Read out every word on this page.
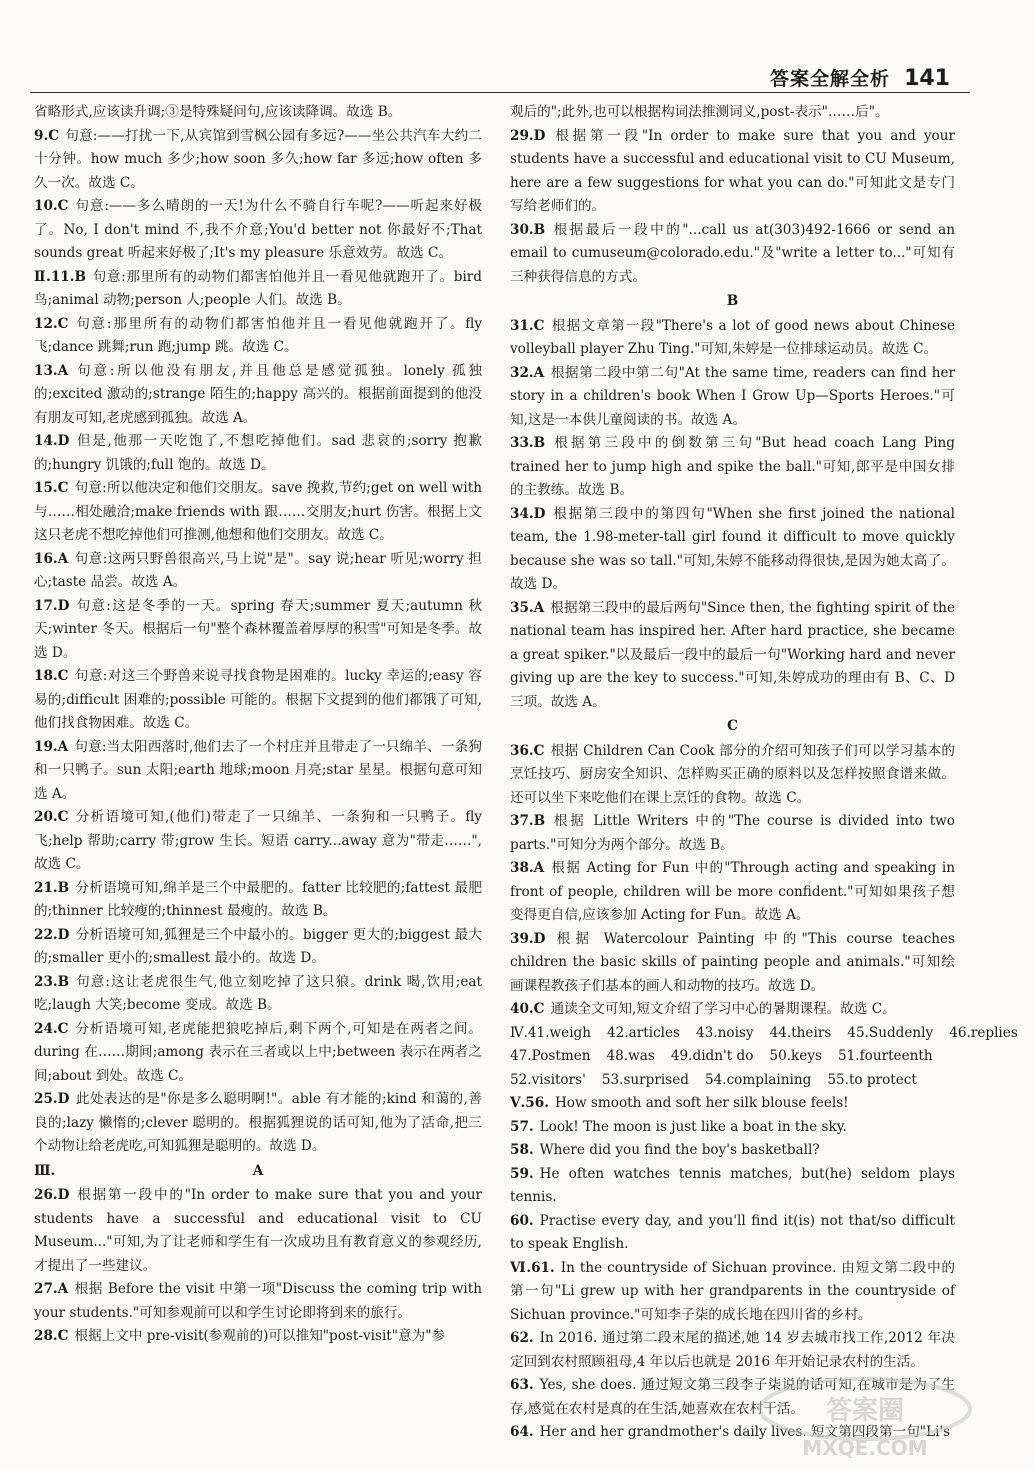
答案全解全析 141
省略形式,应该读升调;③是特殊疑问句,应该读降调。故选 B。
9.C 句意:——打扰一下,从宾馆到雪枫公园有多远?——坐公共汽车大约二十分钟。how much 多少;how soon 多久;how far 多远;how often 多久一次。故选 C。
10.C 句意:——多么晴朗的一天!为什么不骑自行车呢?——听起来好极了。No, I don't mind 不,我不介意;You'd better not 你最好不;That sounds great 听起来好极了;It's my pleasure 乐意效劳。故选 C。
Ⅱ.11.B 句意:那里所有的动物们都害怕他并且一看见他就跑开了。bird 鸟;animal 动物;person 人;people 人们。故选 B。
12.C 句意:那里所有的动物们都害怕他并且一看见他就跑开了。fly 飞;dance 跳舞;run 跑;jump 跳。故选 C。
13.A 句意:所以他没有朋友,并且他总是感觉孤独。lonely 孤独的;excited 激动的;strange 陌生的;happy 高兴的。根据前面提到的他没有朋友可知,老虎感到孤独。故选 A。
14.D 但是,他那一天吃饱了,不想吃掉他们。sad 悲哀的;sorry 抱歉的;hungry 饥饿的;full 饱的。故选 D。
15.C 句意:所以他决定和他们交朋友。save 挽救,节约;get on well with 与……相处融洽;make friends with 跟……交朋友;hurt 伤害。根据上文这只老虎不想吃掉他们可推测,他想和他们交朋友。故选 C。
16.A 句意:这两只野兽很高兴,马上说"是"。say 说;hear 听见;worry 担心;taste 品尝。故选 A。
17.D 句意:这是冬季的一天。spring 春天;summer 夏天;autumn 秋天;winter 冬天。根据后一句"整个森林覆盖着厚厚的积雪"可知是冬季。故选 D。
18.C 句意:对这三个野兽来说寻找食物是困难的。lucky 幸运的;easy 容易的;difficult 困难的;possible 可能的。根据下文提到的他们都饿了可知,他们找食物困难。故选 C。
19.A 句意:当太阳西落时,他们去了一个村庄并且带走了一只绵羊、一条狗和一只鸭子。sun 太阳;earth 地球;moon 月亮;star 星星。根据句意可知选 A。
20.C 分析语境可知,(他们)带走了一只绵羊、一条狗和一只鸭子。fly 飞;help 帮助;carry 带;grow 生长。短语 carry...away 意为"带走……",故选 C。
21.B 分析语境可知,绵羊是三个中最肥的。fatter 比较肥的;fattest 最肥的;thinner 比较瘦的;thinnest 最瘦的。故选 B。
22.D 分析语境可知,狐狸是三个中最小的。bigger 更大的;biggest 最大的;smaller 更小的;smallest 最小的。故选 D。
23.B 句意:这让老虎很生气,他立刻吃掉了这只狼。drink 喝,饮用;eat 吃;laugh 大笑;become 变成。故选 B。
24.C 分析语境可知,老虎能把狼吃掉后,剩下两个,可知是在两者之间。during 在……期间;among 表示在三者或以上中;between 表示在两者之间;about 到处。故选 C。
25.D 此处表达的是"你是多么聪明啊!"。able 有才能的;kind 和蔼的,善良的;lazy 懒惰的;clever 聪明的。根据狐狸说的话可知,他为了活命,把三个动物让给老虎吃,可知狐狸是聪明的。故选 D。
Ⅲ.	A
26.D 根据第一段中的"In order to make sure that you and your students have a successful and educational visit to CU Museum..."可知,为了让老师和学生有一次成功且有教育意义的参观经历,才提出了一些建议。
27.A 根据 Before the visit 中第一项"Discuss the coming trip with your students."可知参观前可以和学生讨论即将到来的旅行。
28.C 根据上文中 pre-visit(参观前的)可以推知"post-visit"意为"参
观后的";此外,也可以根据构词法推测词义,post-表示"……后"。
29.D 根据第一段"In order to make sure that you and your students have a successful and educational visit to CU Museum, here are a few suggestions for what you can do."可知此文是专门写给老师们的。
30.B 根据最后一段中的"...call us at(303)492-1666 or send an email to cumuseum@colorado.edu."及"write a letter to..."可知有三种获得信息的方式。
B
31.C 根据文章第一段"There's a lot of good news about Chinese volleyball player Zhu Ting."可知,朱婷是一位排球运动员。故选 C。
32.A 根据第二段中第二句"At the same time, readers can find her story in a children's book When I Grow Up—Sports Heroes."可知,这是一本供儿童阅读的书。故选 A。
33.B 根据第三段中的倒数第三句"But head coach Lang Ping trained her to jump high and spike the ball."可知,郎平是中国女排的主教练。故选 B。
34.D 根据第三段中的第四句"When she first joined the national team, the 1.98-meter-tall girl found it difficult to move quickly because she was so tall."可知,朱婷不能移动得很快,是因为她太高了。故选 D。
35.A 根据第三段中的最后两句"Since then, the fighting spirit of the national team has inspired her. After hard practice, she became a great spiker."以及最后一段中的最后一句"Working hard and never giving up are the key to success."可知,朱婷成功的理由有 B、C、D 三项。故选 A。
C
36.C 根据 Children Can Cook 部分的介绍可知孩子们可以学习基本的烹饪技巧、厨房安全知识、怎样购买正确的原料以及怎样按照食谱来做。还可以坐下来吃他们在课上烹饪的食物。故选 C。
37.B 根据 Little Writers 中的"The course is divided into two parts."可知分为两个部分。故选 B。
38.A 根据 Acting for Fun 中的"Through acting and speaking in front of people, children will be more confident."可知如果孩子想变得更自信,应该参加 Acting for Fun。故选 A。
39.D 根据 Watercolour Painting 中的"This course teaches children the basic skills of painting people and animals."可知绘画课程教孩子们基本的画人和动物的技巧。故选 D。
40.C 通读全文可知,短文介绍了学习中心的暑期课程。故选 C。
Ⅳ.41.weigh 42.articles 43.noisy 44.theirs 45.Suddenly 46.replies
47.Postmen 48.was 49.didn't do 50.keys 51.fourteenth
52.visitors' 53.surprised 54.complaining 55.to protect
Ⅴ.56. How smooth and soft her silk blouse feels!
57. Look! The moon is just like a boat in the sky.
58. Where did you find the boy's basketball?
59. He often watches tennis matches, but(he) seldom plays tennis.
60. Practise every day, and you'll find it(is) not that/so difficult to speak English.
Ⅵ.61. In the countryside of Sichuan province. 由短文第二段中的第一句"Li grew up with her grandparents in the countryside of Sichuan province."可知李子柒的成长地在四川省的乡村。
62. In 2016. 通过第二段末尾的描述,她 14 岁去城市找工作,2012 年决定回到农村照顾祖母,4 年以后也就是 2016 年开始记录农村的生活。
63. Yes, she does. 通过短文第三段李子柒说的话可知,在城市是为了生存,感觉在农村是真的在生活,她喜欢在农村干活。
64. Her and her grandmother's daily lives. 短文第四段第一句"Li's
答案圈
MXQE.COM
